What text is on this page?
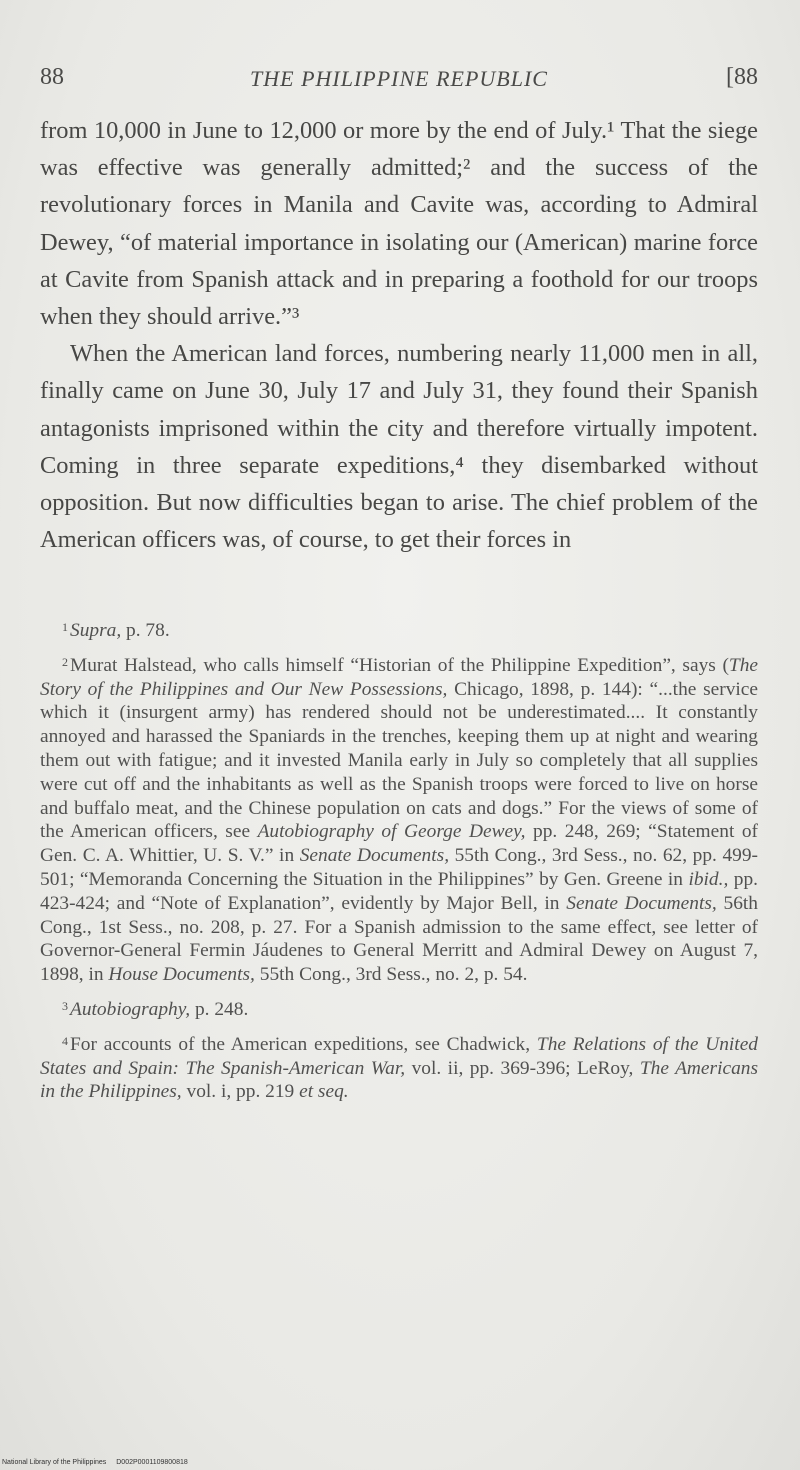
88	THE PHILIPPINE REPUBLIC	[88

from 10,000 in June to 12,000 or more by the end of July.¹ That the siege was effective was generally admitted;² and the success of the revolutionary forces in Manila and Cavite was, according to Admiral Dewey, “of material importance in isolating our (American) marine force at Cavite from Spanish attack and in preparing a foothold for our troops when they should arrive.”³

When the American land forces, numbering nearly 11,000 men in all, finally came on June 30, July 17 and July 31, they found their Spanish antagonists imprisoned within the city and therefore virtually impotent. Coming in three separate expeditions,⁴ they disembarked without opposition. But now difficulties began to arise. The chief problem of the American officers was, of course, to get their forces in

$^1$ Supra, p. 78.

$^2$ Murat Halstead, who calls himself “Historian of the Philippine Expedition”, says (The Story of the Philippines and Our New Possessions, Chicago, 1898, p. 144): “...the service which it (insurgent army) has rendered should not be underestimated.... It constantly annoyed and harassed the Spaniards in the trenches, keeping them up at night and wearing them out with fatigue; and it invested Manila early in July so completely that all supplies were cut off and the inhabitants as well as the Spanish troops were forced to live on horse and buffalo meat, and the Chinese population on cats and dogs.” For the views of some of the American officers, see Autobiography of George Dewey, pp. 248, 269; “Statement of Gen. C. A. Whittier, U. S. V.” in Senate Documents, 55th Cong., 3rd Sess., no. 62, pp. 499-501; “Memoranda Concerning the Situation in the Philippines” by Gen. Greene in ibid., pp. 423-424; and “Note of Explanation”, evidently by Major Bell, in Senate Documents, 56th Cong., 1st Sess., no. 208, p. 27. For a Spanish admission to the same effect, see letter of Governor-General Fermin Jáudenes to General Merritt and Admiral Dewey on August 7, 1898, in House Documents, 55th Cong., 3rd Sess., no. 2, p. 54.

$^3$ Autobiography, p. 248.

$^4$ For accounts of the American expeditions, see Chadwick, The Relations of the United States and Spain: The Spanish-American War, vol. ii, pp. 369-396; LeRoy, The Americans in the Philippines, vol. i, pp. 219 et seq.

National Library of the Philippines D002P0001109800818
